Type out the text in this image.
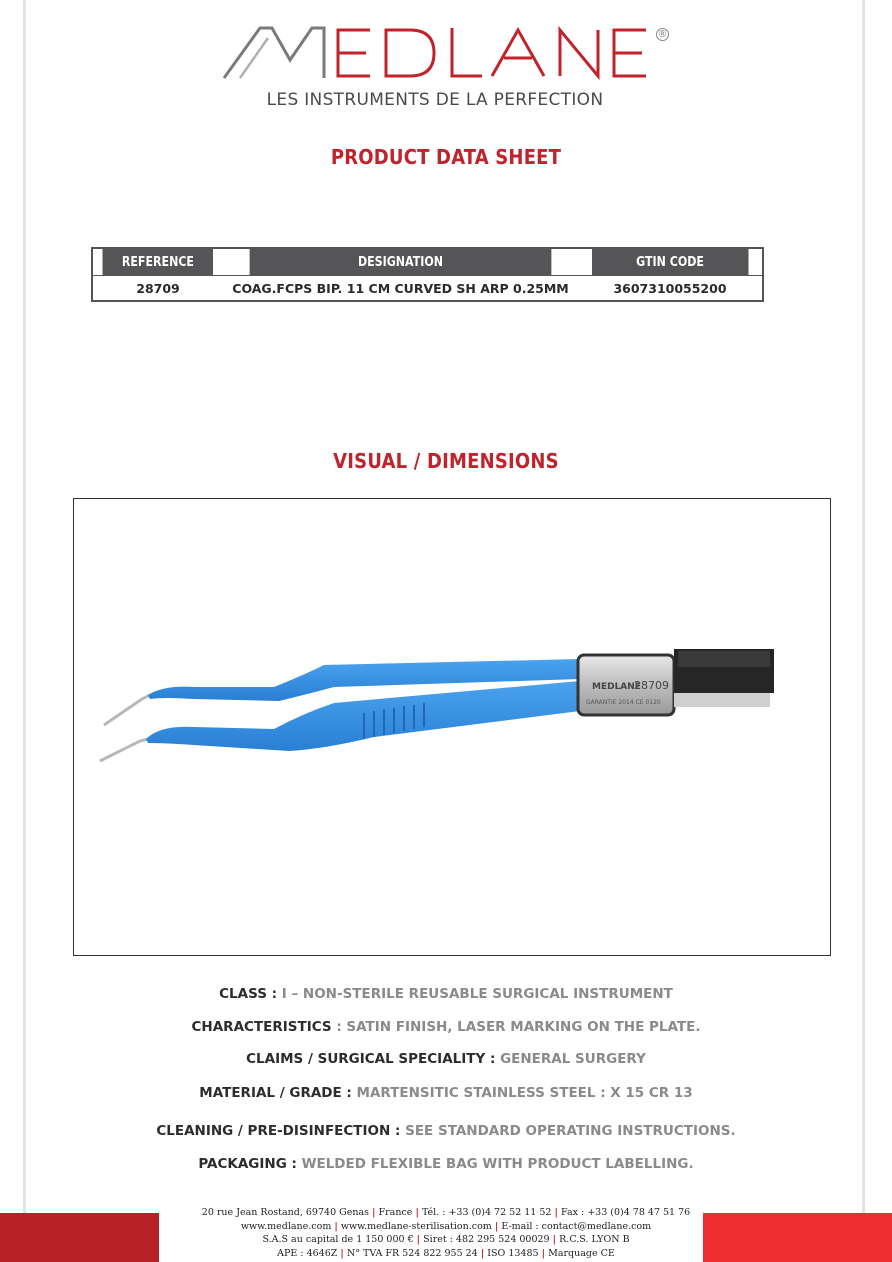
®
LES INSTRUMENTS DE LA PERFECTION
PRODUCT DATA SHEET
REFERENCE	DESIGNATION	GTIN CODE
28709	COAG.FCPS BIP. 11 CM CURVED SH ARP 0.25MM	3607310055200
VISUAL / DIMENSIONS
MEDLANE
28709
GARANTIE 2014 CE 0120
CLASS : I – NON-STERILE REUSABLE SURGICAL INSTRUMENT
CHARACTERISTICS : SATIN FINISH, LASER MARKING ON THE PLATE.
CLAIMS / SURGICAL SPECIALITY : GENERAL SURGERY
MATERIAL / GRADE : MARTENSITIC STAINLESS STEEL : X 15 CR 13
CLEANING / PRE-DISINFECTION : SEE STANDARD OPERATING INSTRUCTIONS.
PACKAGING : WELDED FLEXIBLE BAG WITH PRODUCT LABELLING.
20 rue Jean Rostand, 69740 Genas | France | Tél. : +33 (0)4 72 52 11 52 | Fax : +33 (0)4 78 47 51 76
www.medlane.com | www.medlane-sterilisation.com | E-mail : contact@medlane.com
S.A.S au capital de 1 150 000 € | Siret : 482 295 524 00029 | R.C.S. LYON B
APE : 4646Z | N° TVA FR 524 822 955 24 | ISO 13485 | Marquage CE
